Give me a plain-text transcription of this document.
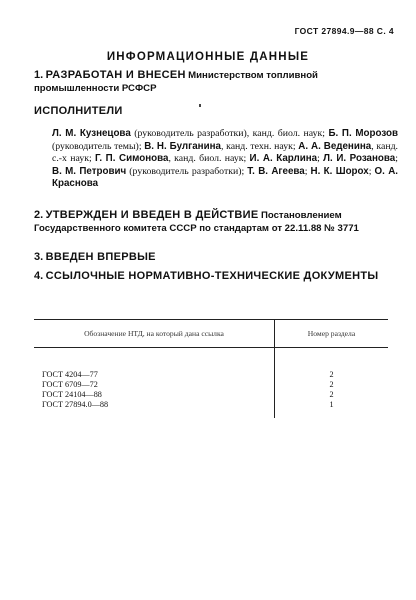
ГОСТ 27894.9—88 С. 4
ИНФОРМАЦИОННЫЕ ДАННЫЕ
1. РАЗРАБОТАН И ВНЕСЕН Министерством топливной промышленности РСФСР
ИСПОЛНИТЕЛИ
Л. М. Кузнецова (руководитель разработки), канд. биол. наук; Б. П. Морозов (руководитель темы); В. Н. Булганина, канд. техн. наук; А. А. Веденина, канд. с.-х наук; Г. П. Симонова, канд. биол. наук; И. А. Карлина; Л. И. Розанова; В. М. Петрович (руководитель разработки); Т. В. Агеева; Н. К. Шорох; О. А. Краснова
2. УТВЕРЖДЕН И ВВЕДЕН В ДЕЙСТВИЕ Постановлением Государственного комитета СССР по стандартам от 22.11.88 № 3771
3. ВВЕДЕН ВПЕРВЫЕ
4. ССЫЛОЧНЫЕ НОРМАТИВНО-ТЕХНИЧЕСКИЕ ДОКУМЕНТЫ
Обозначение НТД, на который дана ссылка	Номер раздела
ГОСТ 4204—77	2
ГОСТ 6709—72	2
ГОСТ 24104—88	2
ГОСТ 27894.0—88	1
